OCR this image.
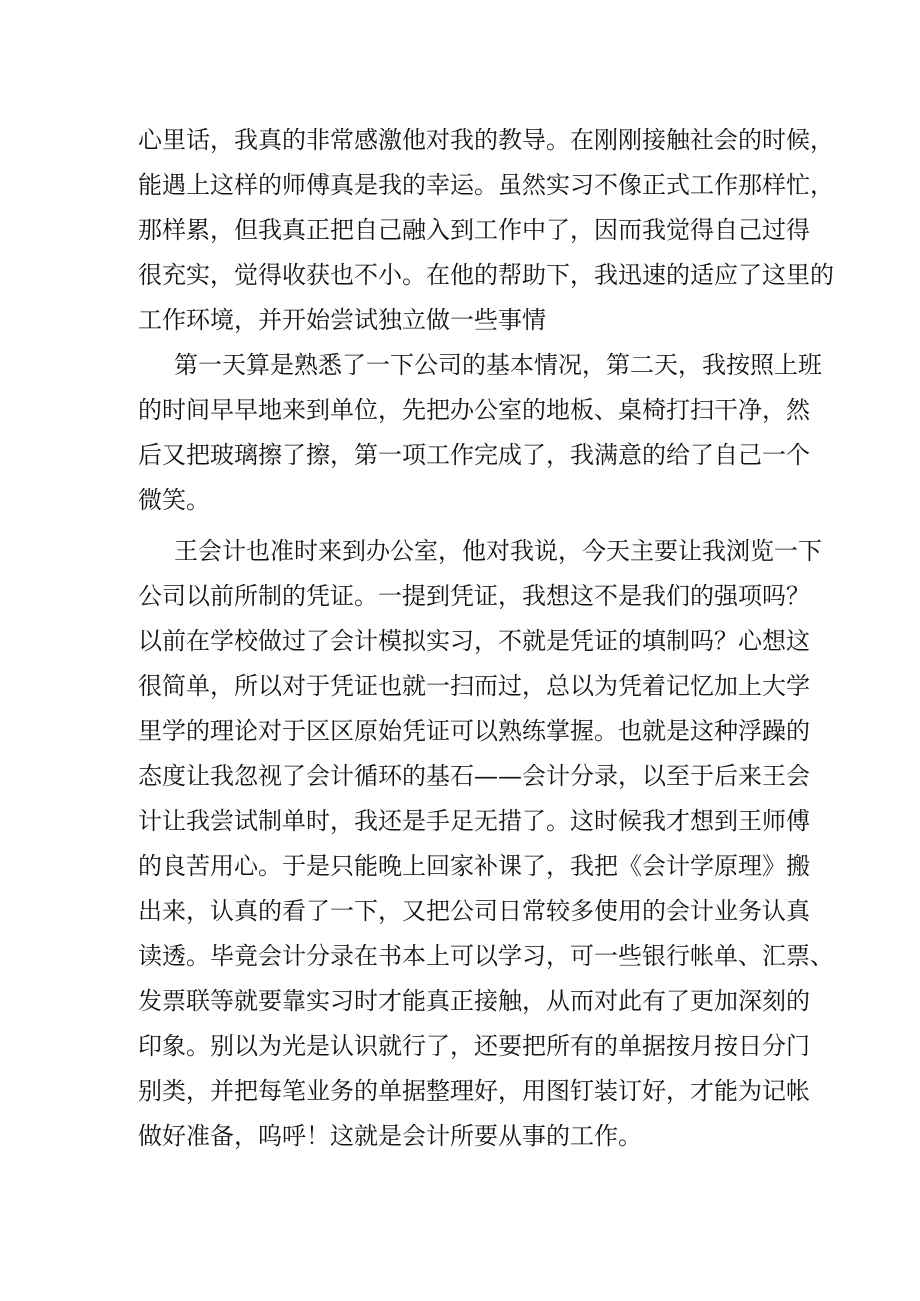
心里话，我真的非常感激他对我的教导。在刚刚接触社会的时候，
能遇上这样的师傅真是我的幸运。虽然实习不像正式工作那样忙，
那样累，但我真正把自己融入到工作中了，因而我觉得自己过得
很充实，觉得收获也不小。在他的帮助下，我迅速的适应了这里的
工作环境，并开始尝试独立做一些事情
第一天算是熟悉了一下公司的基本情况，第二天，我按照上班
的时间早早地来到单位，先把办公室的地板、桌椅打扫干净，然
后又把玻璃擦了擦，第一项工作完成了，我满意的给了自己一个
微笑。
王会计也准时来到办公室，他对我说，今天主要让我浏览一下
公司以前所制的凭证。一提到凭证，我想这不是我们的强项吗？
以前在学校做过了会计模拟实习，不就是凭证的填制吗？心想这
很简单，所以对于凭证也就一扫而过，总以为凭着记忆加上大学
里学的理论对于区区原始凭证可以熟练掌握。也就是这种浮躁的
态度让我忽视了会计循环的基石——会计分录，以至于后来王会
计让我尝试制单时，我还是手足无措了。这时候我才想到王师傅
的良苦用心。于是只能晚上回家补课了，我把《会计学原理》搬
出来，认真的看了一下，又把公司日常较多使用的会计业务认真
读透。毕竟会计分录在书本上可以学习，可一些银行帐单、汇票、
发票联等就要靠实习时才能真正接触，从而对此有了更加深刻的
印象。别以为光是认识就行了，还要把所有的单据按月按日分门
别类，并把每笔业务的单据整理好，用图钉装订好，才能为记帐
做好准备，呜呼！这就是会计所要从事的工作。
